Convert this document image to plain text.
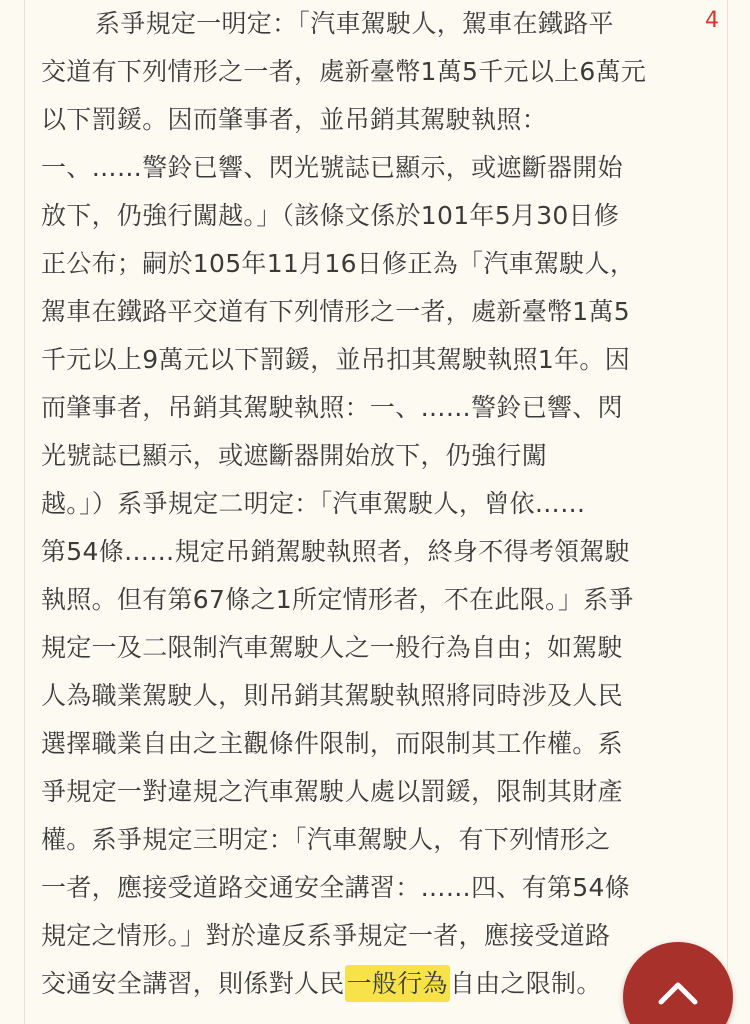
4
系爭規定一明定：「汽車駕駛人，駕車在鐵路平
交道有下列情形之一者，處新臺幣1萬5千元以上6萬元
以下罰鍰。因而肇事者，並吊銷其駕駛執照：
一、……警鈴已響、閃光號誌已顯示，或遮斷器開始
放下，仍強行闖越。」（該條文係於101年5月30日修
正公布；嗣於105年11月16日修正為「汽車駕駛人，
駕車在鐵路平交道有下列情形之一者，處新臺幣1萬5
千元以上9萬元以下罰鍰，並吊扣其駕駛執照1年。因
而肇事者，吊銷其駕駛執照：一、……警鈴已響、閃
光號誌已顯示，或遮斷器開始放下，仍強行闖
越。」）系爭規定二明定：「汽車駕駛人，曾依……
第54條……規定吊銷駕駛執照者，終身不得考領駕駛
執照。但有第67條之1所定情形者，不在此限。」系爭
規定一及二限制汽車駕駛人之一般行為自由；如駕駛
人為職業駕駛人，則吊銷其駕駛執照將同時涉及人民
選擇職業自由之主觀條件限制，而限制其工作權。系
爭規定一對違規之汽車駕駛人處以罰鍰，限制其財產
權。系爭規定三明定：「汽車駕駛人，有下列情形之
一者，應接受道路交通安全講習：……四、有第54條
規定之情形。」對於違反系爭規定一者，應接受道路
交通安全講習，則係對人民一般行為自由之限制。
